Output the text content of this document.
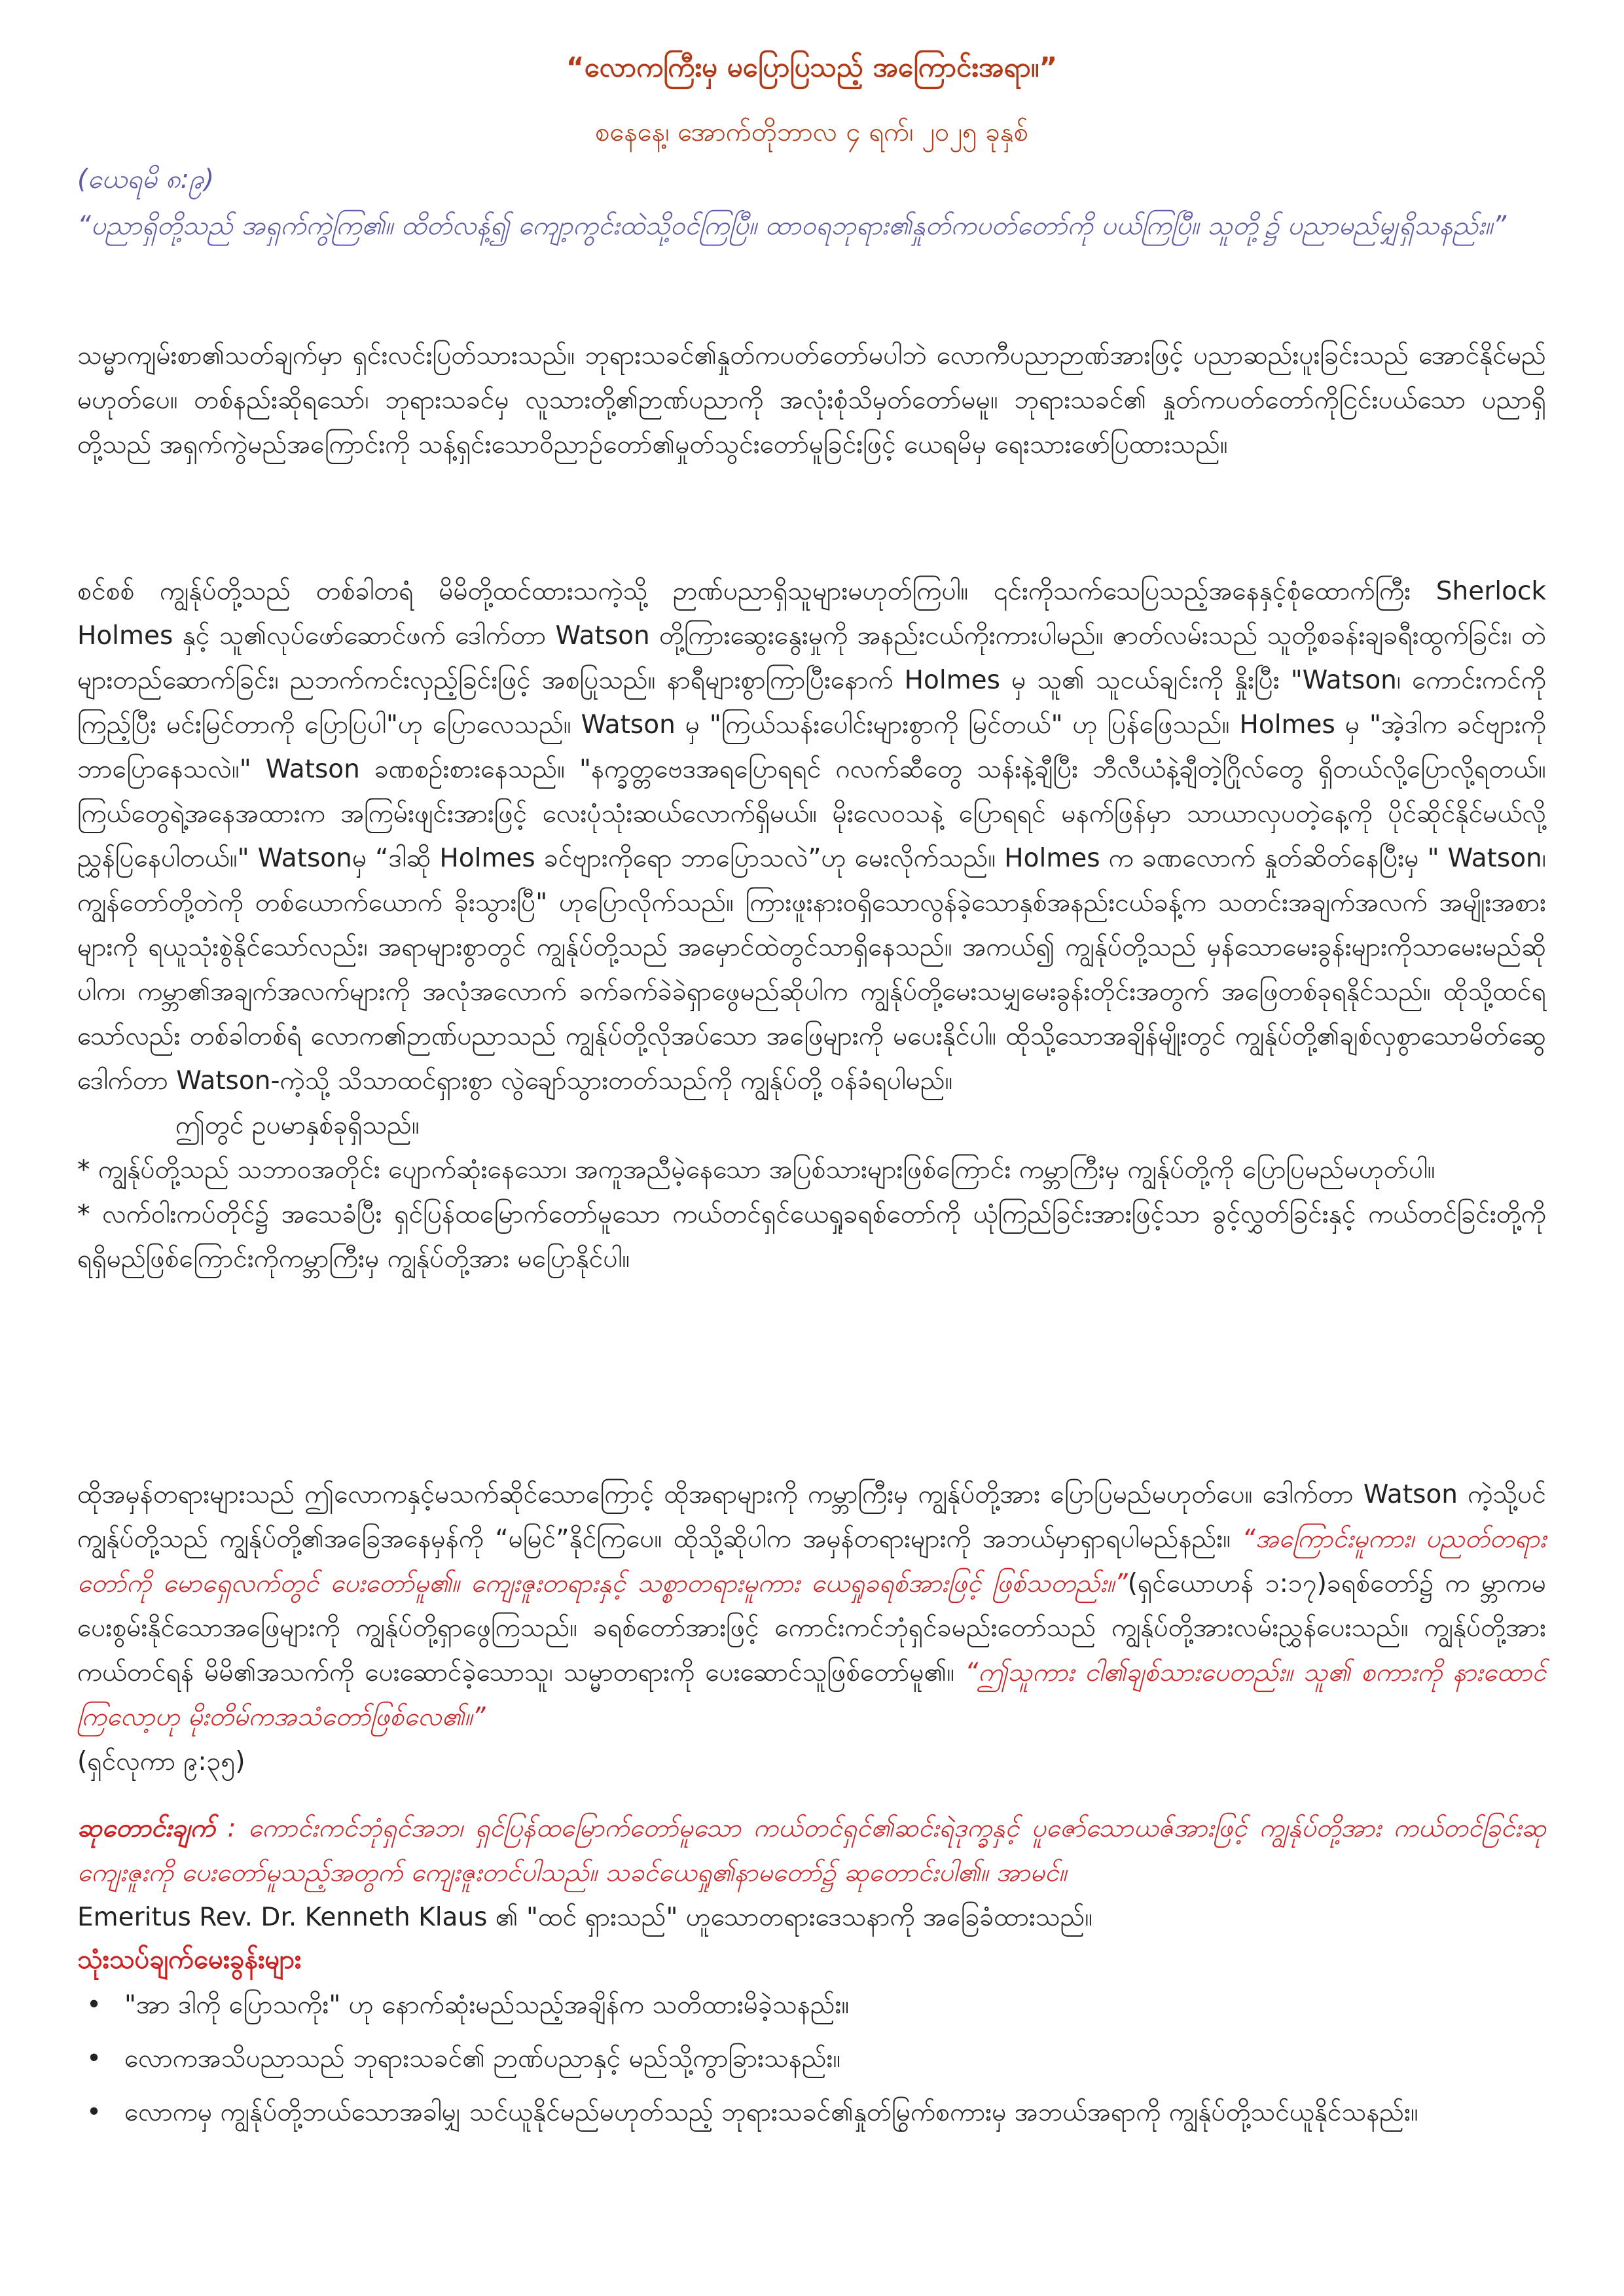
“လောကကြီးမှ မပြောပြသည့် အကြောင်းအရာ။”
စနေနေ့၊ အောက်တိုဘာလ ၄ ရက်၊ ၂၀၂၅ ခုနှစ်
(ယေရမိ ၈:၉)
“ပညာရှိတို့သည် အရှက်ကွဲကြ၏။ ထိတ်လန့်၍ ကျော့ကွင်းထဲသို့ဝင်ကြပြီ။ ထာဝရဘုရား၏နှုတ်ကပတ်တော်ကို ပယ်ကြပြီ။ သူတို့၌ ပညာမည်မျှရှိသနည်း။”
သမ္မာကျမ်းစာ၏သတ်ချက်မှာ ရှင်းလင်းပြတ်သားသည်။ ဘုရားသခင်၏နှုတ်ကပတ်တော်မပါဘဲ လောကီပညာဉာဏ်အားဖြင့် ပညာဆည်းပူးခြင်းသည် အောင်နိုင်မည်မဟုတ်ပေ။ တစ်နည်းဆိုရသော်၊ ဘုရားသခင်မှ လူသားတို့၏ဉာဏ်ပညာကို အလုံးစုံသိမှတ်တော်မမူ။ ဘုရားသခင်၏ နှုတ်ကပတ်တော်ကိုငြင်းပယ်သော ပညာရှိတို့သည် အရှက်ကွဲမည်အကြောင်းကို သန့်ရှင်းသောဝိညာဉ်တော်၏မှုတ်သွင်းတော်မူခြင်းဖြင့် ယေရမိမှ ရေးသားဖော်ပြထားသည်။
စင်စစ် ကျွန်ုပ်တို့သည် တစ်ခါတရံ မိမိတို့ထင်ထားသကဲ့သို့ ဉာဏ်ပညာရှိသူများမဟုတ်ကြပါ။ ၎င်းကိုသက်သေပြသည့်အနေနှင့်စုံထောက်ကြီး Sherlock Holmes နှင့် သူ၏လုပ်ဖော်ဆောင်ဖက် ဒေါက်တာ Watson တို့ကြားဆွေးနွေးမှုကို အနည်းငယ်ကိုးကားပါမည်။ ဇာတ်လမ်းသည် သူတို့စခန်းချခရီးထွက်ခြင်း၊ တဲများတည်ဆောက်ခြင်း၊ ညဘက်ကင်းလှည့်ခြင်းဖြင့် အစပြုသည်။ နာရီများစွာကြာပြီးနောက် Holmes မှ သူ၏ သူငယ်ချင်းကို နှိုးပြီး "Watson၊ ကောင်းကင်ကို ကြည့်ပြီး မင်းမြင်တာကို ပြောပြပါ"ဟု ပြောလေသည်။ Watson မှ "ကြယ်သန်းပေါင်းများစွာကို မြင်တယ်" ဟု ပြန်ဖြေသည်။ Holmes မှ "အဲ့ဒါက ခင်ဗျားကို ဘာပြောနေသလဲ။" Watson ခဏစဉ်းစားနေသည်။ "နက္ခတ္တဗေဒအရပြောရရင် ဂလက်ဆီတွေ သန်းနဲ့ချီပြီး ဘီလီယံနဲ့ချီတဲ့ဂြိုလ်တွေ ရှိတယ်လို့ပြောလို့ရတယ်။ ကြယ်တွေရဲ့အနေအထားက အကြမ်းဖျင်းအားဖြင့် လေးပုံသုံးဆယ်လောက်ရှိမယ်။ မိုးလေဝသနဲ့ ပြောရရင် မနက်ဖြန်မှာ သာယာလှပတဲ့နေ့ကို ပိုင်ဆိုင်နိုင်မယ်လို့ ညွှန်ပြနေပါတယ်။" Watsonမှ “ဒါဆို Holmes ခင်ဗျားကိုရော ဘာပြောသလဲ”ဟု မေးလိုက်သည်။ Holmes က ခဏလောက် နှုတ်ဆိတ်နေပြီးမှ " Watson၊ ကျွန်တော်တို့တဲကို တစ်ယောက်ယောက် ခိုးသွားပြီ" ဟုပြောလိုက်သည်။ ကြားဖူးနားဝရှိသောလွန်ခဲ့သောနှစ်အနည်းငယ်ခန့်က သတင်းအချက်အလက် အမျိုးအစားများကို ရယူသုံးစွဲနိုင်သော်လည်း၊ အရာများစွာတွင် ကျွန်ုပ်တို့သည် အမှောင်ထဲတွင်သာရှိနေသည်။ အကယ်၍ ကျွန်ုပ်တို့သည် မှန်သောမေးခွန်းများကိုသာမေးမည်ဆိုပါက၊ ကမ္ဘာ၏အချက်အလက်များကို အလုံအလောက် ခက်ခက်ခဲခဲရှာဖွေမည်ဆိုပါက ကျွန်ုပ်တို့မေးသမျှမေးခွန်းတိုင်းအတွက် အဖြေတစ်ခုရနိုင်သည်။ ထိုသို့ထင်ရသော်လည်း တစ်ခါတစ်ရံ လောက၏ဉာဏ်ပညာသည် ကျွန်ုပ်တို့လိုအပ်သော အဖြေများကို မပေးနိုင်ပါ။ ထိုသို့သောအချိန်မျိုးတွင် ကျွန်ုပ်တို့၏ချစ်လှစွာသောမိတ်ဆွေ ဒေါက်တာ Watson-ကဲ့သို့ သိသာထင်ရှားစွာ လွဲချော်သွားတတ်သည်ကို ကျွန်ုပ်တို့ ဝန်ခံရပါမည်။
ဤတွင် ဥပမာနှစ်ခုရှိသည်။
* ကျွန်ုပ်တို့သည် သဘာဝအတိုင်း ပျောက်ဆုံးနေသော၊ အကူအညီမဲ့နေသော အပြစ်သားများဖြစ်ကြောင်း ကမ္ဘာကြီးမှ ကျွန်ုပ်တို့ကို ပြောပြမည်မဟုတ်ပါ။
* လက်ဝါးကပ်တိုင်၌ အသေခံပြီး ရှင်ပြန်ထမြောက်တော်မူသော ကယ်တင်ရှင်ယေရှုခရစ်တော်ကို ယုံကြည်ခြင်းအားဖြင့်သာ ခွင့်လွှတ်ခြင်းနှင့် ကယ်တင်ခြင်းတို့ကို ရရှိမည်ဖြစ်ကြောင်းကိုကမ္ဘာကြီးမှ ကျွန်ုပ်တို့အား မပြောနိုင်ပါ။
ထိုအမှန်တရားများသည် ဤလောကနှင့်မသက်ဆိုင်သောကြောင့် ထိုအရာများကို ကမ္ဘာကြီးမှ ကျွန်ုပ်တို့အား ပြောပြမည်မဟုတ်ပေ။ ဒေါက်တာ Watson ကဲ့သို့ပင် ကျွန်ုပ်တို့သည် ကျွန်ုပ်တို့၏အခြေအနေမှန်ကို “မမြင်”နိုင်ကြပေ။ ထိုသို့ဆိုပါက အမှန်တရားများကို အဘယ်မှာရှာရပါမည်နည်း။ “အကြောင်းမူကား၊ ပညတ်တရားတော်ကို မောရှေလက်တွင် ပေးတော်မူ၏။ ကျေးဇူးတရားနှင့် သစ္စာတရားမူကား ယေရှုခရစ်အားဖြင့် ဖြစ်သတည်း။”(ရှင်ယောဟန် ၁:၁၇)ခရစ်တော်၌ က မ္ဘာကမပေးစွမ်းနိုင်သောအဖြေများကို ကျွန်ုပ်တို့ရှာဖွေကြသည်။ ခရစ်တော်အားဖြင့် ကောင်းကင်ဘုံရှင်ခမည်းတော်သည် ကျွန်ုပ်တို့အားလမ်းညွှန်ပေးသည်။ ကျွန်ုပ်တို့အားကယ်တင်ရန် မိမိ၏အသက်ကို ပေးဆောင်ခဲ့သောသူ၊ သမ္မာတရားကို ပေးဆောင်သူဖြစ်တော်မူ၏။ “ဤသူကား ငါ၏ချစ်သားပေတည်း။ သူ၏ စကားကို နားထောင်ကြလော့ဟု မိုးတိမ်ကအသံတော်ဖြစ်လေ၏။”
(ရှင်လုကာ ၉:၃၅)
ဆုတောင်းချက် : ကောင်းကင်ဘုံရှင်အဘ၊ ရှင်ပြန်ထမြောက်တော်မူသော ကယ်တင်ရှင်၏ဆင်းရဲဒုက္ခနှင့် ပူဇော်သောယဇ်အားဖြင့် ကျွန်ုပ်တို့အား ကယ်တင်ခြင်းဆုကျေးဇူးကို ပေးတော်မူသည့်အတွက် ကျေးဇူးတင်ပါသည်။ သခင်ယေရှု၏နာမတော်၌ ဆုတောင်းပါ၏။ အာမင်။
Emeritus Rev. Dr. Kenneth Klaus ၏ "ထင် ရှားသည်" ဟူသောတရားဒေသနာကို အခြေခံထားသည်။
သုံးသပ်ချက်မေးခွန်းများ
• "အာ ဒါကို ပြောသကိုး" ဟု နောက်ဆုံးမည်သည့်အချိန်က သတိထားမိခဲ့သနည်း။
• လောကအသိပညာသည် ဘုရားသခင်၏ ဉာဏ်ပညာနှင့် မည်သို့ကွာခြားသနည်း။
• လောကမှ ကျွန်ုပ်တို့ဘယ်သောအခါမျှ သင်ယူနိုင်မည်မဟုတ်သည့် ဘုရားသခင်၏နှုတ်မြွက်စကားမှ အဘယ်အရာကို ကျွန်ုပ်တို့သင်ယူနိုင်သနည်း။
